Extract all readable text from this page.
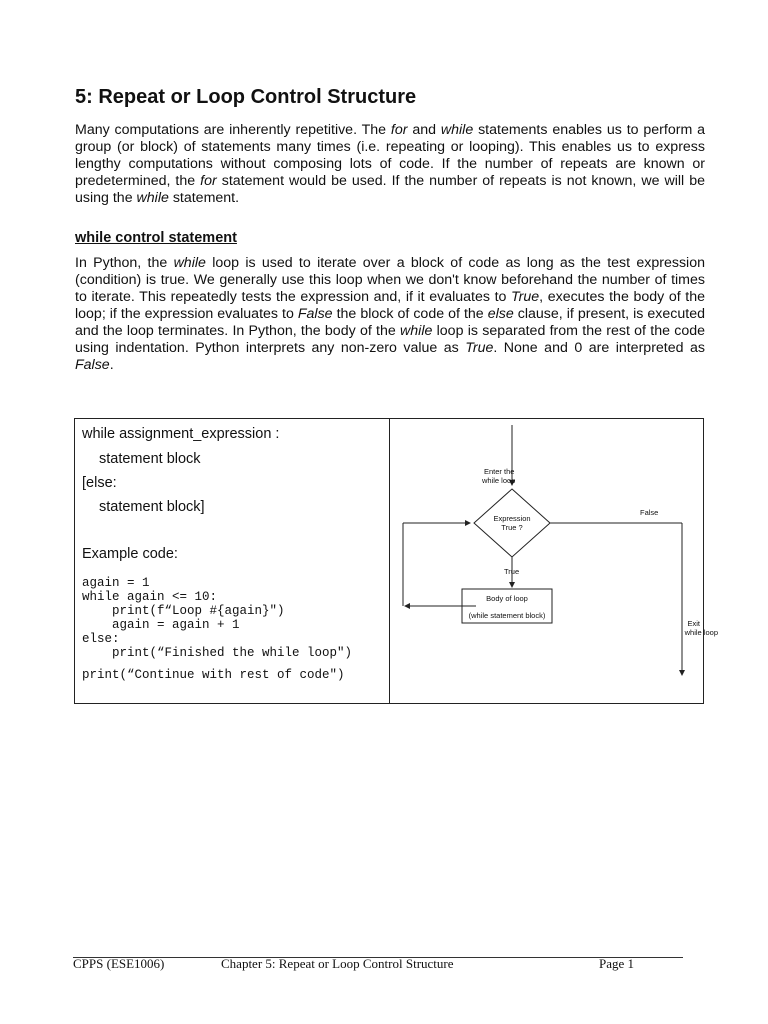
5: Repeat or Loop Control Structure

Many computations are inherently repetitive. The for and while statements enables us to perform a group (or block) of statements many times (i.e. repeating or looping). This enables us to express lengthy computations without composing lots of code. If the number of repeats are known or predetermined, the for statement would be used. If the number of repeats is not known, we will be using the while statement.

while control statement

In Python, the while loop is used to iterate over a block of code as long as the test expression (condition) is true. We generally use this loop when we don't know beforehand the number of times to iterate. This repeatedly tests the expression and, if it evaluates to True, executes the body of the loop; if the expression evaluates to False the block of code of the else clause, if present, is executed and the loop terminates. In Python, the body of the while loop is separated from the rest of the code using indentation. Python interprets any non-zero value as True. None and 0 are interpreted as False.

while assignment_expression :
statement block
[else:
statement block]
Example code:
again = 1
while again <= 10:
print(f“Loop #{again}")
again = again + 1
else:
print(“Finished the while loop")
print(“Continue with rest of code")
Enter the
while loop
Expression
True ?
False
True
Body of loop
(while statement block)
Exit
while loop
CPPS (ESE1006)	Chapter 5: Repeat or Loop Control Structure	Page 1
